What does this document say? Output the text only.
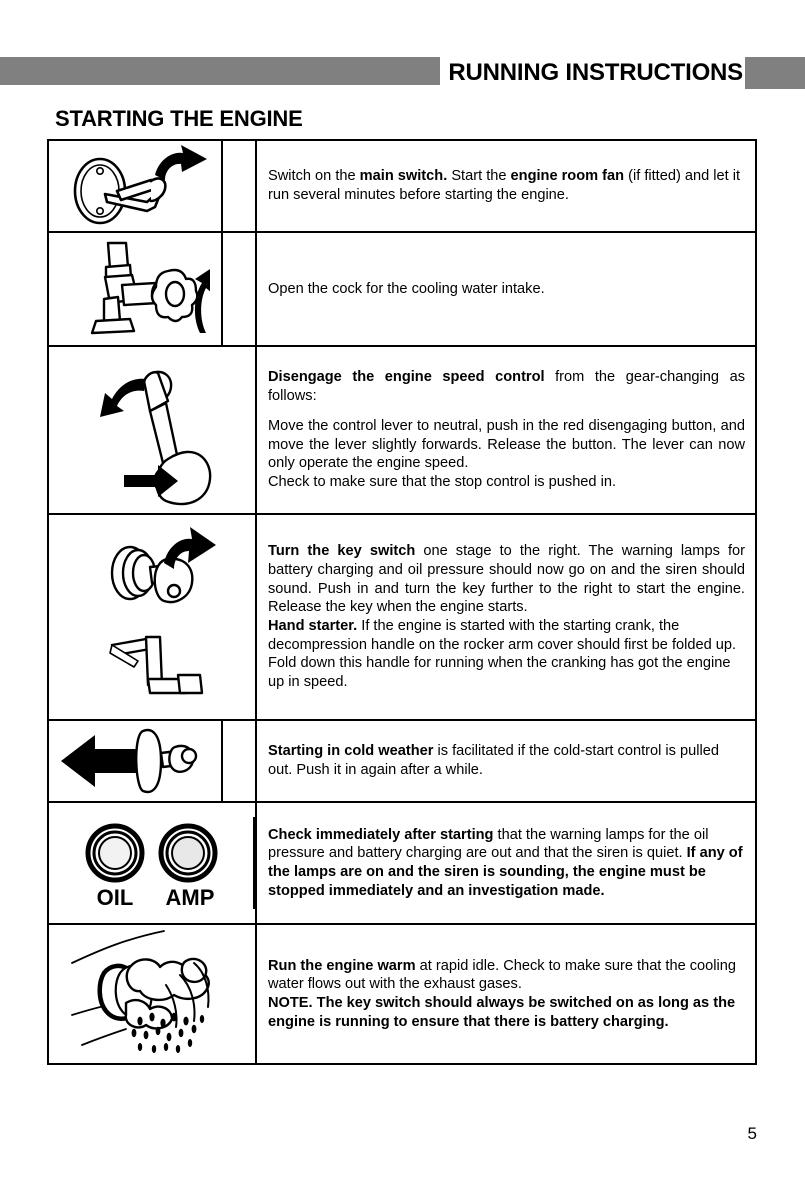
RUNNING INSTRUCTIONS
STARTING THE ENGINE

Switch on the main switch. Start the engine room fan (if fitted) and let it run several minutes before starting the engine.

Open the cock for the cooling water intake.

Disengage the engine speed control from the gear-changing as follows:

Move the control lever to neutral, push in the red disengaging button, and move the lever slightly forwards. Release the button. The lever can now only operate the engine speed.

Check to make sure that the stop control is pushed in.

Turn the key switch one stage to the right. The warning lamps for battery charging and oil pressure should now go on and the siren should sound. Push in and turn the key further to the right to start the engine. Release the key when the engine starts.

Hand starter. If the engine is started with the starting crank, the decompression handle on the rocker arm cover should first be folded up. Fold down this handle for running when the cranking has got the engine up in speed.

Starting in cold weather is facilitated if the cold-start control is pulled out. Push it in again after a while.

OIL AMP		Check immediately after starting that the warning lamps for the oil pressure and battery charging are out and that the siren is quiet. If any of the lamps are on and the siren is sounding, the engine must be stopped immediately and an investigation made.

Run the engine warm at rapid idle. Check to make sure that the cooling water flows out with the exhaust gases.

NOTE. The key switch should always be switched on as long as the engine is running to ensure that there is battery charging.

5
